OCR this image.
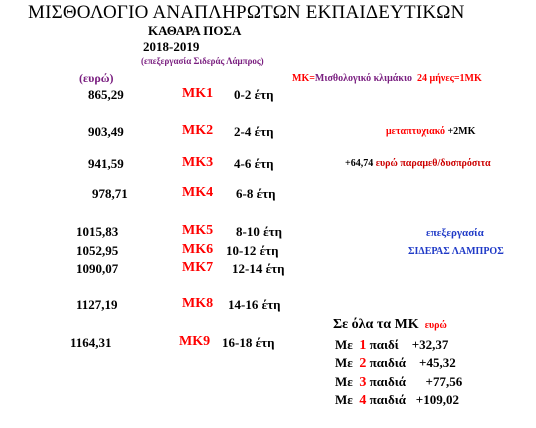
ΜΙΣΘΟΛΟΓΙΟ ΑΝΑΠΛΗΡΩΤΩΝ ΕΚΠΑΙΔΕΥΤΙΚΩΝ
ΚΑΘΑΡΑ ΠΟΣΑ
2018-2019
(επεξεργασία Σιδεράς Λάμπρος)
(ευρώ)	ΜΚ=Μισθολογικό κλιμάκιο 24 μήνες=1ΜΚ
865,29
903,49
941,59
978,71
1015,83
1052,95
1090,07
1127,19
1164,31
ΜΚ1
ΜΚ2
ΜΚ3
ΜΚ4
ΜΚ5
ΜΚ6
ΜΚ7
ΜΚ8
ΜΚ9
0-2 έτη
2-4 έτη
4-6 έτη
6-8 έτη
8-10 έτη
10-12 έτη
12-14 έτη
14-16 έτη
16-18 έτη
μεταπτυχιακό +2ΜΚ
+64,74 ευρώ παραμεθ/δυσπρόσιτα
επεξεργασία
ΣΙΔΕΡΑΣ ΛΑΜΠΡΟΣ
Σε όλα τα ΜΚ ευρώ
Με 1 παιδί +32,37
Με 2 παιδιά +45,32
Με 3 παιδιά +77,56
Με 4 παιδιά +109,02
